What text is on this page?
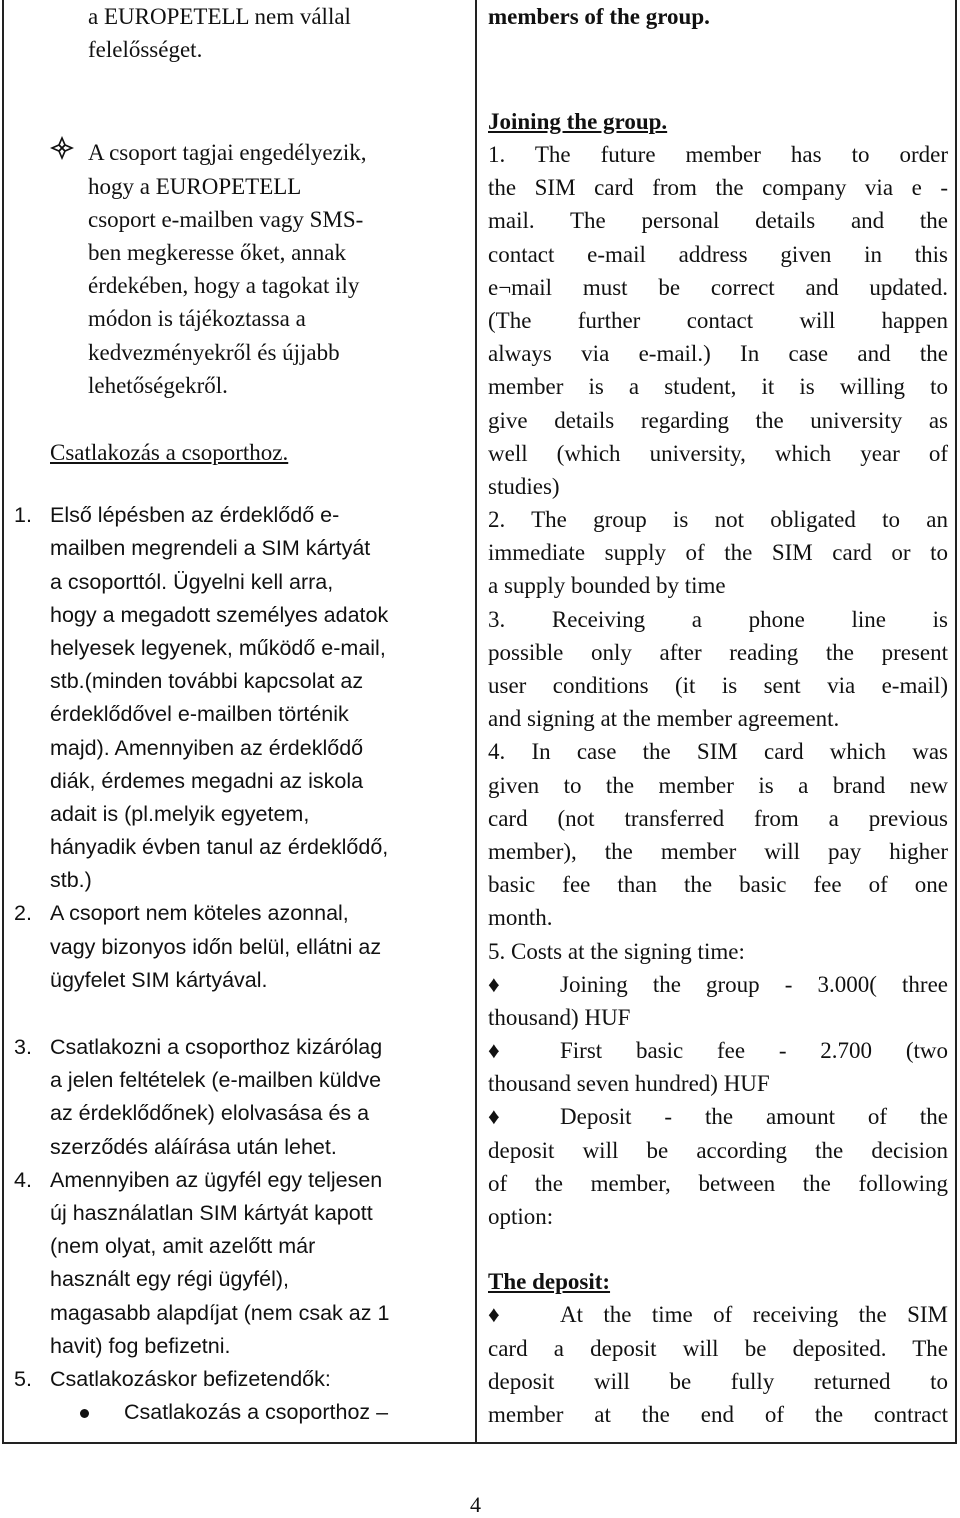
a EUROPETELL nem vállal
felelősséget.
A csoport tagjai engedélyezik,
hogy a EUROPETELL
csoport e-mailben vagy SMS-
ben megkeresse őket, annak
érdekében, hogy a tagokat ily
módon is tájékoztassa a
kedvezményekről és újjabb
lehetőségekről.
Csatlakozás a csoporthoz.
1. Első lépésben az érdeklődő e-
mailben megrendeli a SIM kártyát
a csoporttól. Ügyelni kell arra,
hogy a megadott személyes adatok
helyesek legyenek, működő e-mail,
stb.(minden további kapcsolat az
érdeklődővel e-mailben történik
majd). Amennyiben az érdeklődő
diák, érdemes megadni az iskola
adait is (pl.melyik egyetem,
hányadik évben tanul az érdeklődő,
stb.)
2. A csoport nem köteles azonnal,
vagy bizonyos időn belül, ellátni az
ügyfelet SIM kártyával.
3. Csatlakozni a csoporthoz kizárólag
a jelen feltételek (e-mailben küldve
az érdeklődőnek) elolvasása és a
szerződés aláírása után lehet.
4. Amennyiben az ügyfél egy teljesen
új használatlan SIM kártyát kapott
(nem olyat, amit azelőtt már
használt egy régi ügyfél),
magasabb alapdíjat (nem csak az 1
havit) fog befizetni.
5. Csatlakozáskor befizetendők:
Csatlakozás a csoporthoz –
members of the group.
Joining the group.
1. The future member has to order
the SIM card from the company via e -
mail. The personal details and the
contact e-mail address given in this
e¬mail must be correct and updated.
(The further contact will happen
always via e-mail.) In case and the
member is a student, it is willing to
give details regarding the university as
well (which university, which year of
studies)
2. The group is not obligated to an
immediate supply of the SIM card or to
a supply bounded by time
3. Receiving a phone line is
possible only after reading the present
user conditions (it is sent via e-mail)
and signing at the member agreement.
4. In case the SIM card which was
given to the member is a brand new
card (not transferred from a previous
member), the member will pay higher
basic fee than the basic fee of one
month.
5. Costs at the signing time:
♦	Joining the group - 3.000( three
thousand) HUF
♦	First basic fee - 2.700 (two
thousand seven hundred) HUF
♦	Deposit - the amount of the
deposit will be according the decision
of the member, between the following
option:
The deposit:
♦	At the time of receiving the SIM
card a deposit will be deposited. The
deposit will be fully returned to
member at the end of the contract
4
